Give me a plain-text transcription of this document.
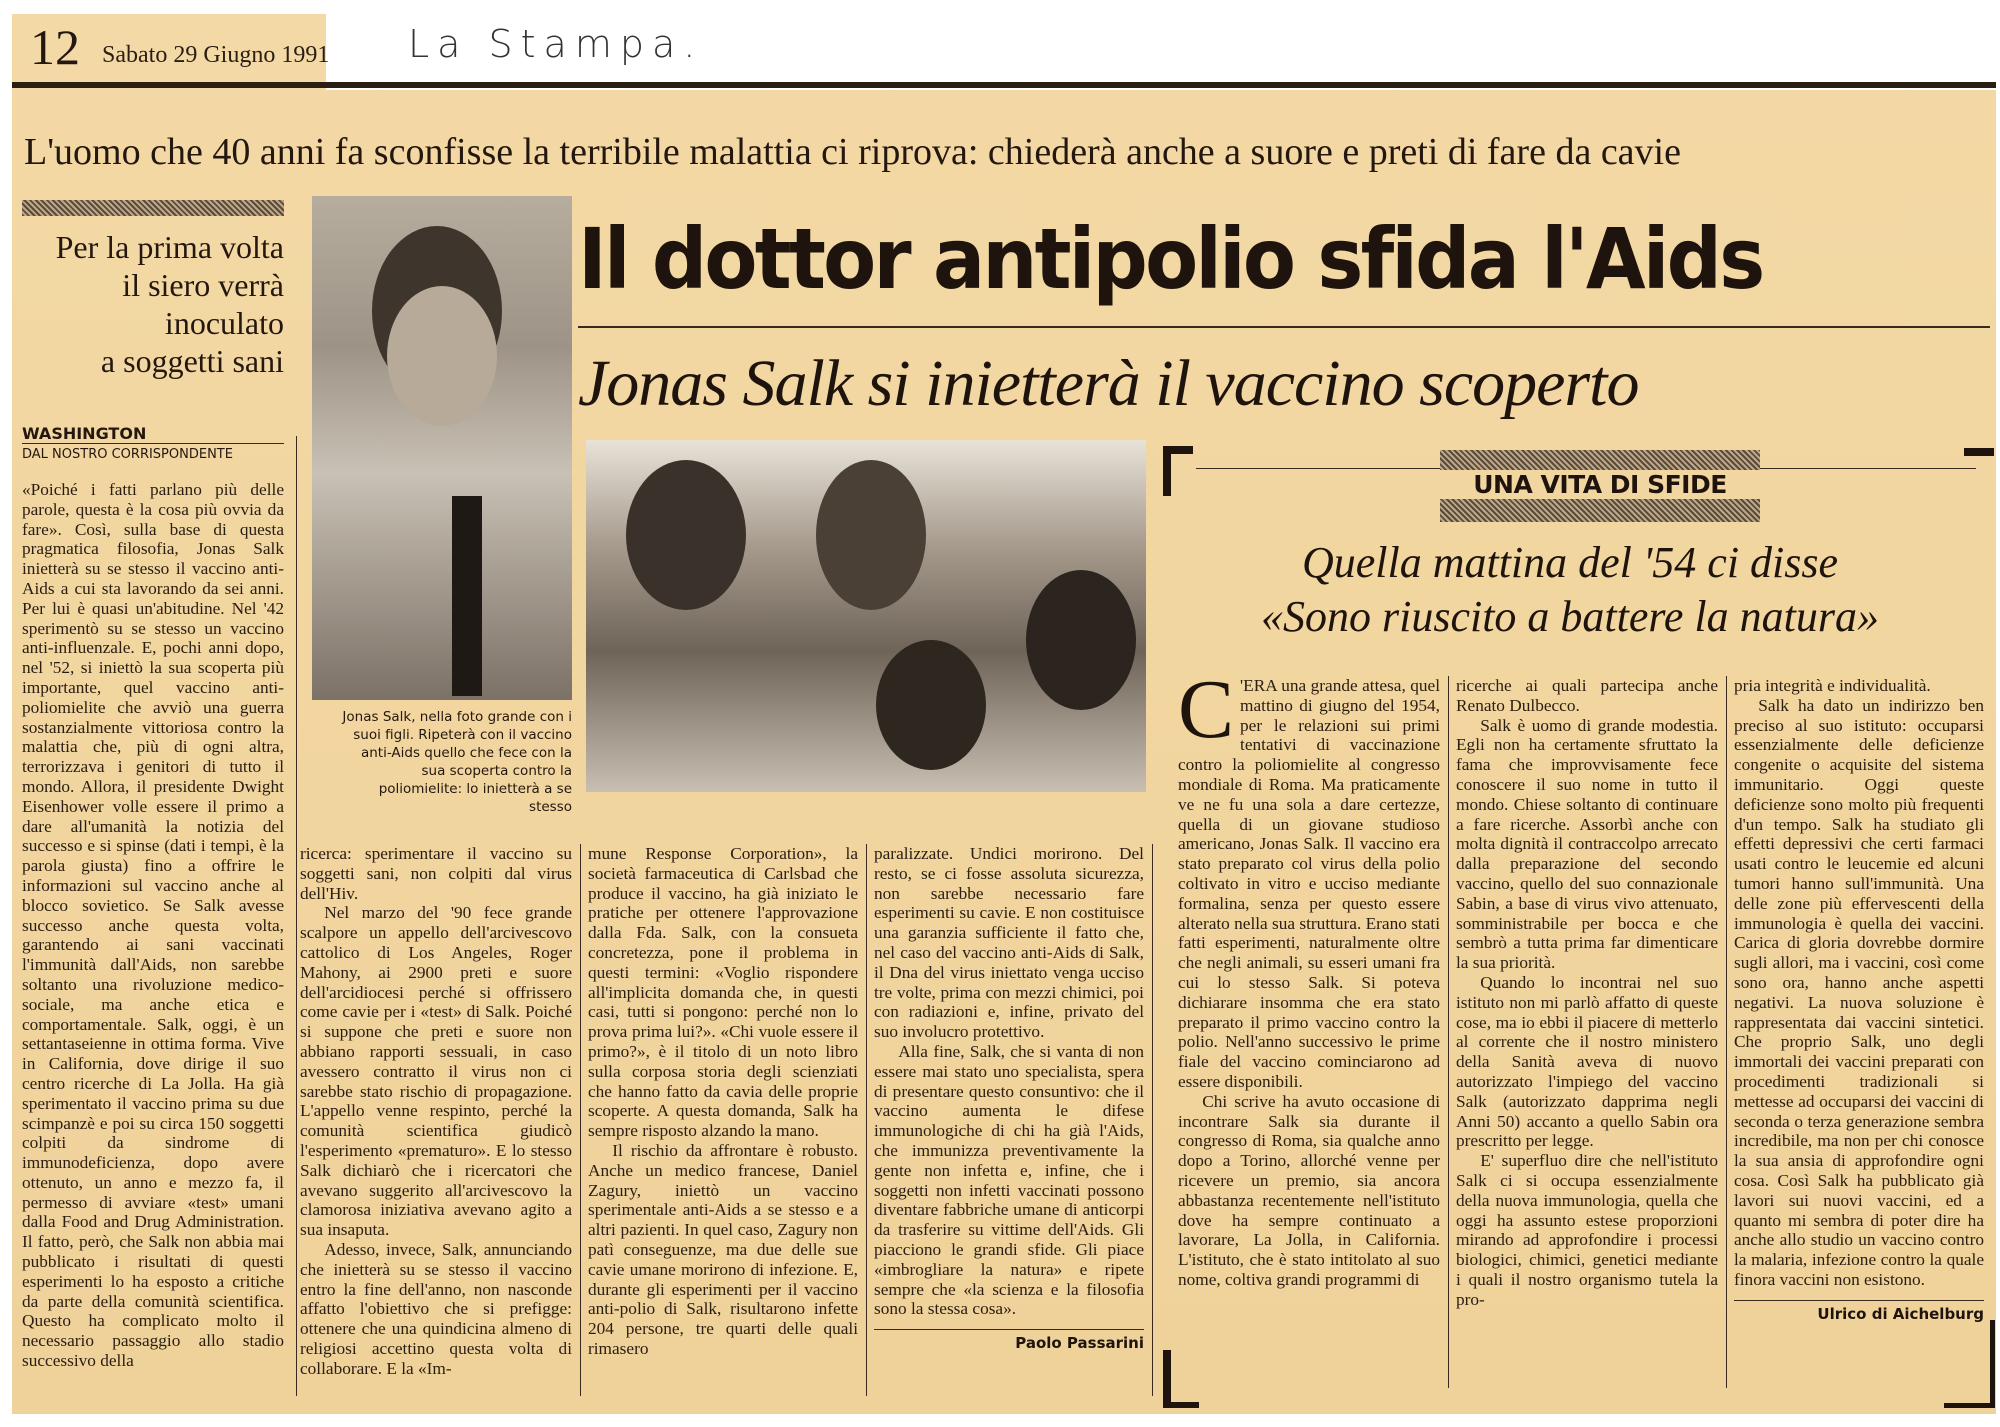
12 Sabato 29 Giugno 1991 La Stampa.
L'uomo che 40 anni fa sconfisse la terribile malattia ci riprova: chiederà anche a suore e preti di fare da cavie
Per la prima volta
il siero verrà
inoculato
a soggetti sani
WASHINGTON
DAL NOSTRO CORRISPONDENTE

«Poiché i fatti parlano più delle parole, questa è la cosa più ovvia da fare». Così, sulla base di questa pragmatica filosofia, Jonas Salk inietterà su se stesso il vaccino anti-Aids a cui sta lavorando da sei anni. Per lui è quasi un'abitudine. Nel '42 sperimentò su se stesso un vaccino anti-influenzale. E, pochi anni dopo, nel '52, si iniettò la sua scoperta più importante, quel vaccino anti-poliomielite che avviò una guerra sostanzialmente vittoriosa contro la malattia che, più di ogni altra, terrorizzava i genitori di tutto il mondo. Allora, il presidente Dwight Eisenhower volle essere il primo a dare all'umanità la notizia del successo e si spinse (dati i tempi, è la parola giusta) fino a offrire le informazioni sul vaccino anche al blocco sovietico. Se Salk avesse successo anche questa volta, garantendo ai sani vaccinati l'immunità dall'Aids, non sarebbe soltanto una rivoluzione medico-sociale, ma anche etica e comportamentale. Salk, oggi, è un settantaseienne in ottima forma. Vive in California, dove dirige il suo centro ricerche di La Jolla. Ha già sperimentato il vaccino prima su due scimpanzè e poi su circa 150 soggetti colpiti da sindrome di immunodeficienza, dopo avere ottenuto, un anno e mezzo fa, il permesso di avviare «test» umani dalla Food and Drug Administration. Il fatto, però, che Salk non abbia mai pubblicato i risultati di questi esperimenti lo ha esposto a critiche da parte della comunità scientifica. Questo ha complicato molto il necessario passaggio allo stadio successivo della

Jonas Salk, nella foto grande con i suoi figli. Ripeterà con il vaccino anti-Aids quello che fece con la sua scoperta contro la poliomielite: lo inietterà a se stesso
Il dottor antipolio sfida l'Aids
Jonas Salk si inietterà il vaccino scoperto

ricerca: sperimentare il vaccino su soggetti sani, non colpiti dal virus dell'Hiv.

Nel marzo del '90 fece grande scalpore un appello dell'arcivescovo cattolico di Los Angeles, Roger Mahony, ai 2900 preti e suore dell'arcidiocesi perché si offrissero come cavie per i «test» di Salk. Poiché si suppone che preti e suore non abbiano rapporti sessuali, in caso avessero contratto il virus non ci sarebbe stato rischio di propagazione. L'appello venne respinto, perché la comunità scientifica giudicò l'esperimento «prematuro». E lo stesso Salk dichiarò che i ricercatori che avevano suggerito all'arcivescovo la clamorosa iniziativa avevano agito a sua insaputa.

Adesso, invece, Salk, annunciando che inietterà su se stesso il vaccino entro la fine dell'anno, non nasconde affatto l'obiettivo che si prefigge: ottenere che una quindicina almeno di religiosi accettino questa volta di collaborare. E la «Im-

mune Response Corporation», la società farmaceutica di Carlsbad che produce il vaccino, ha già iniziato le pratiche per ottenere l'approvazione dalla Fda. Salk, con la consueta concretezza, pone il problema in questi termini: «Voglio rispondere all'implicita domanda che, in questi casi, tutti si pongono: perché non lo prova prima lui?». «Chi vuole essere il primo?», è il titolo di un noto libro sulla corposa storia degli scienziati che hanno fatto da cavia delle proprie scoperte. A questa domanda, Salk ha sempre risposto alzando la mano.

Il rischio da affrontare è robusto. Anche un medico francese, Daniel Zagury, iniettò un vaccino sperimentale anti-Aids a se stesso e a altri pazienti. In quel caso, Zagury non patì conseguenze, ma due delle sue cavie umane morirono di infezione. E, durante gli esperimenti per il vaccino anti-polio di Salk, risultarono infette 204 persone, tre quarti delle quali rimasero

paralizzate. Undici morirono. Del resto, se ci fosse assoluta sicurezza, non sarebbe necessario fare esperimenti su cavie. E non costituisce una garanzia sufficiente il fatto che, nel caso del vaccino anti-Aids di Salk, il Dna del virus iniettato venga ucciso tre volte, prima con mezzi chimici, poi con radiazioni e, infine, privato del suo involucro protettivo.

Alla fine, Salk, che si vanta di non essere mai stato uno specialista, spera di presentare questo consuntivo: che il vaccino aumenta le difese immunologiche di chi ha già l'Aids, che immunizza preventivamente la gente non infetta e, infine, che i soggetti non infetti vaccinati possono diventare fabbriche umane di anticorpi da trasferire su vittime dell'Aids. Gli piacciono le grandi sfide. Gli piace «imbrogliare la natura» e ripete sempre che «la scienza e la filosofia sono la stessa cosa».

Paolo Passarini
UNA VITA DI SFIDE
Quella mattina del '54 ci disse
«Sono riuscito a battere la natura»

C 'ERA una grande attesa, quel mattino di giugno del 1954, per le relazioni sui primi tentativi di vaccinazione contro la poliomielite al congresso mondiale di Roma. Ma praticamente ve ne fu una sola a dare certezze, quella di un giovane studioso americano, Jonas Salk. Il vaccino era stato preparato col virus della polio coltivato in vitro e ucciso mediante formalina, senza per questo essere alterato nella sua struttura. Erano stati fatti esperimenti, naturalmente oltre che negli animali, su esseri umani fra cui lo stesso Salk. Si poteva dichiarare insomma che era stato preparato il primo vaccino contro la polio. Nell'anno successivo le prime fiale del vaccino cominciarono ad essere disponibili.

Chi scrive ha avuto occasione di incontrare Salk sia durante il congresso di Roma, sia qualche anno dopo a Torino, allorché venne per ricevere un premio, sia ancora abbastanza recentemente nell'istituto dove ha sempre continuato a lavorare, La Jolla, in California. L'istituto, che è stato intitolato al suo nome, coltiva grandi programmi di

ricerche ai quali partecipa anche Renato Dulbecco.

Salk è uomo di grande modestia. Egli non ha certamente sfruttato la fama che improvvisamente fece conoscere il suo nome in tutto il mondo. Chiese soltanto di continuare a fare ricerche. Assorbì anche con molta dignità il contraccolpo arrecato dalla preparazione del secondo vaccino, quello del suo connazionale Sabin, a base di virus vivo attenuato, somministrabile per bocca e che sembrò a tutta prima far dimenticare la sua priorità.

Quando lo incontrai nel suo istituto non mi parlò affatto di queste cose, ma io ebbi il piacere di metterlo al corrente che il nostro ministero della Sanità aveva di nuovo autorizzato l'impiego del vaccino Salk (autorizzato dapprima negli Anni 50) accanto a quello Sabin ora prescritto per legge.

E' superfluo dire che nell'istituto Salk ci si occupa essenzialmente della nuova immunologia, quella che oggi ha assunto estese proporzioni mirando ad approfondire i processi biologici, chimici, genetici mediante i quali il nostro organismo tutela la pro-

pria integrità e individualità.

Salk ha dato un indirizzo ben preciso al suo istituto: occuparsi essenzialmente delle deficienze congenite o acquisite del sistema immunitario. Oggi queste deficienze sono molto più frequenti d'un tempo. Salk ha studiato gli effetti depressivi che certi farmaci usati contro le leucemie ed alcuni tumori hanno sull'immunità. Una delle zone più effervescenti della immunologia è quella dei vaccini. Carica di gloria dovrebbe dormire sugli allori, ma i vaccini, così come sono ora, hanno anche aspetti negativi. La nuova soluzione è rappresentata dai vaccini sintetici. Che proprio Salk, uno degli immortali dei vaccini preparati con procedimenti tradizionali si mettesse ad occuparsi dei vaccini di seconda o terza generazione sembra incredibile, ma non per chi conosce la sua ansia di approfondire ogni cosa. Così Salk ha pubblicato già lavori sui nuovi vaccini, ed a quanto mi sembra di poter dire ha anche allo studio un vaccino contro la malaria, infezione contro la quale finora vaccini non esistono.

Ulrico di Aichelburg
